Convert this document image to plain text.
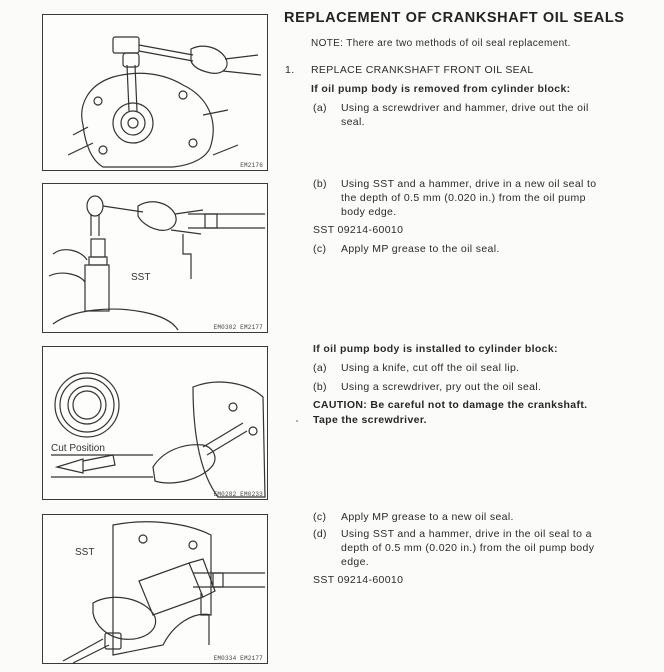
EM2176
SST
EM0302 EM2177
Cut Position
EM0282 EM0233
SST
EM0334 EM2177
REPLACEMENT OF CRANKSHAFT OIL SEALS
NOTE: There are two methods of oil seal replacement.
1. REPLACE CRANKSHAFT FRONT OIL SEAL
If oil pump body is removed from cylinder block:
(a) Using a screwdriver and hammer, drive out the oil
seal.
(b) Using SST and a hammer, drive in a new oil seal to
the depth of 0.5 mm (0.020 in.) from the oil pump
body edge.
SST 09214-60010
(c) Apply MP grease to the oil seal.
If oil pump body is installed to cylinder block:
(a) Using a knife, cut off the oil seal lip.
(b) Using a screwdriver, pry out the oil seal.
CAUTION: Be careful not to damage the crankshaft.
Tape the screwdriver.
(c) Apply MP grease to a new oil seal.
(d) Using SST and a hammer, drive in the oil seal to a
depth of 0.5 mm (0.020 in.) from the oil pump body
edge.
SST 09214-60010
